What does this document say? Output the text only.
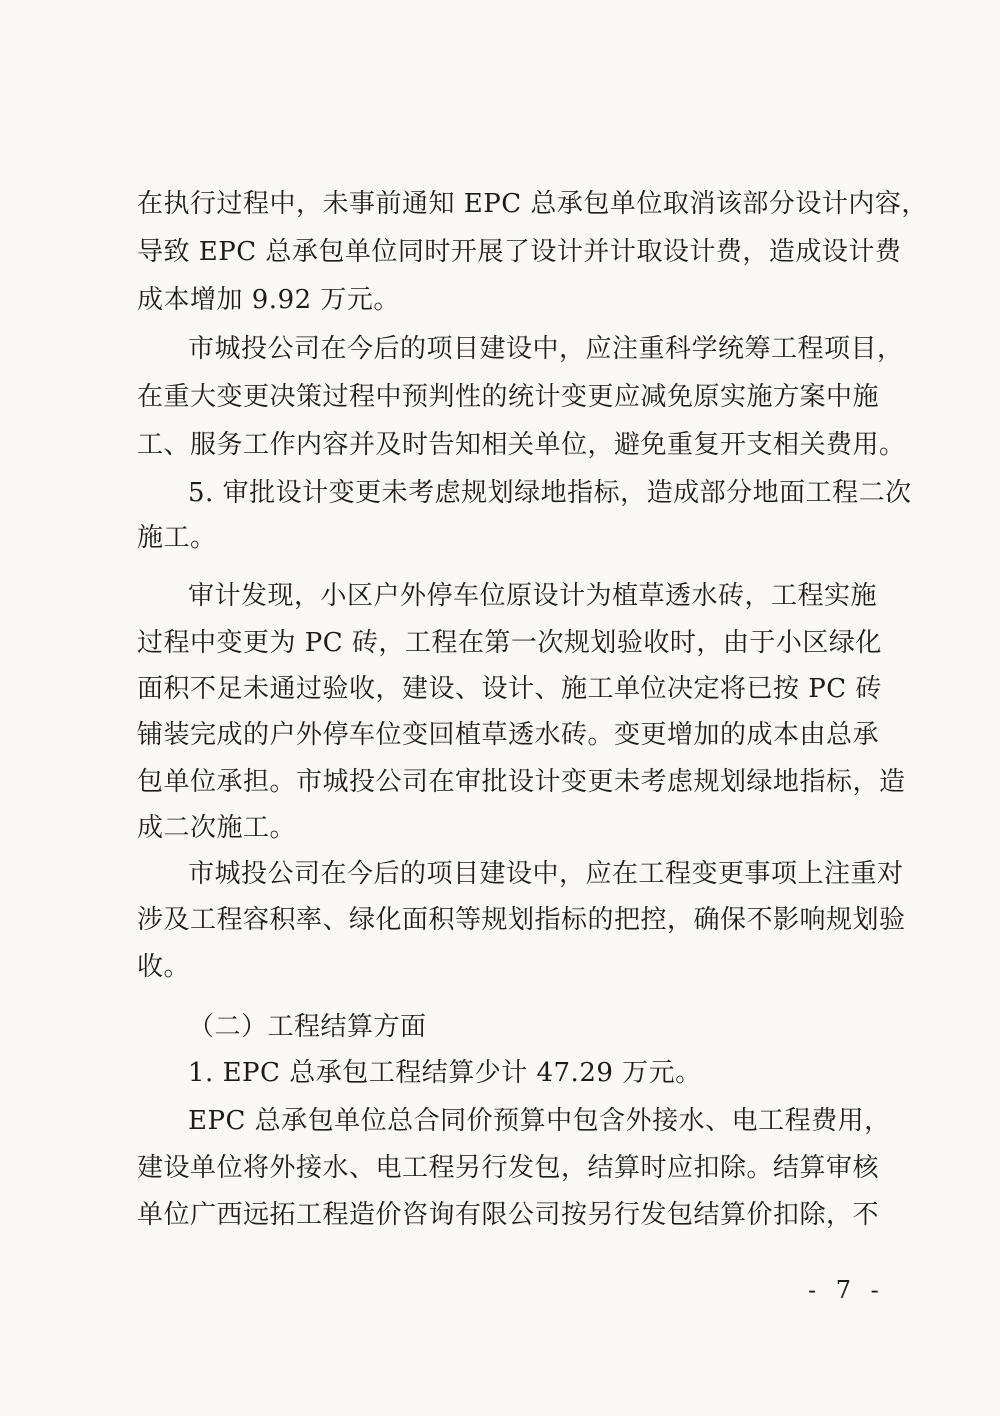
在执行过程中，未事前通知 EPC 总承包单位取消该部分设计内容，

导致 EPC 总承包单位同时开展了设计并计取设计费，造成设计费

成本增加 9.92 万元。

市城投公司在今后的项目建设中，应注重科学统筹工程项目，

在重大变更决策过程中预判性的统计变更应减免原实施方案中施

工、服务工作内容并及时告知相关单位，避免重复开支相关费用。

5. 审批设计变更未考虑规划绿地指标，造成部分地面工程二次

施工。

审计发现，小区户外停车位原设计为植草透水砖，工程实施

过程中变更为 PC 砖，工程在第一次规划验收时，由于小区绿化

面积不足未通过验收，建设、设计、施工单位决定将已按 PC 砖

铺装完成的户外停车位变回植草透水砖。变更增加的成本由总承

包单位承担。市城投公司在审批设计变更未考虑规划绿地指标，造

成二次施工。

市城投公司在今后的项目建设中，应在工程变更事项上注重对

涉及工程容积率、绿化面积等规划指标的把控，确保不影响规划验

收。

（二）工程结算方面

1. EPC 总承包工程结算少计 47.29 万元。

EPC 总承包单位总合同价预算中包含外接水、电工程费用，

建设单位将外接水、电工程另行发包，结算时应扣除。结算审核

单位广西远拓工程造价咨询有限公司按另行发包结算价扣除，不

- 7 -
